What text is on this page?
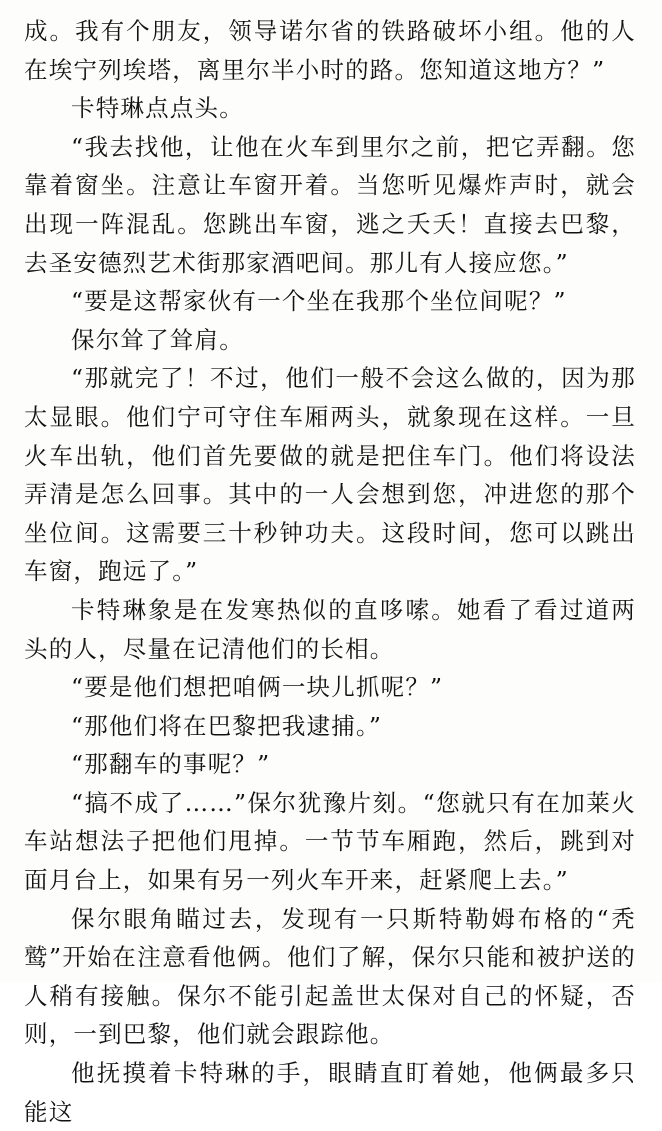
成。我有个朋友，领导诺尔省的铁路破坏小组。他的人在埃宁列埃塔，离里尔半小时的路。您知道这地方？”

卡特琳点点头。

“我去找他，让他在火车到里尔之前，把它弄翻。您靠着窗坐。注意让车窗开着。当您听见爆炸声时，就会出现一阵混乱。您跳出车窗，逃之夭夭！直接去巴黎，去圣安德烈艺术街那家酒吧间。那儿有人接应您。”

“要是这帮家伙有一个坐在我那个坐位间呢？”

保尔耸了耸肩。

“那就完了！不过，他们一般不会这么做的，因为那太显眼。他们宁可守住车厢两头，就象现在这样。一旦火车出轨，他们首先要做的就是把住车门。他们将设法弄清是怎么回事。其中的一人会想到您，冲进您的那个坐位间。这需要三十秒钟功夫。这段时间，您可以跳出车窗，跑远了。”

卡特琳象是在发寒热似的直哆嗦。她看了看过道两头的人，尽量在记清他们的长相。

“要是他们想把咱俩一块儿抓呢？”

“那他们将在巴黎把我逮捕。”

“那翻车的事呢？”

“搞不成了……”保尔犹豫片刻。“您就只有在加莱火车站想法子把他们甩掉。一节节车厢跑，然后，跳到对面月台上，如果有另一列火车开来，赶紧爬上去。”

保尔眼角瞄过去，发现有一只斯特勒姆布格的“秃鹫”开始在注意看他俩。他们了解，保尔只能和被护送的人稍有接触。保尔不能引起盖世太保对自己的怀疑，否则，一到巴黎，他们就会跟踪他。

他抚摸着卡特琳的手，眼睛直盯着她，他俩最多只能这
